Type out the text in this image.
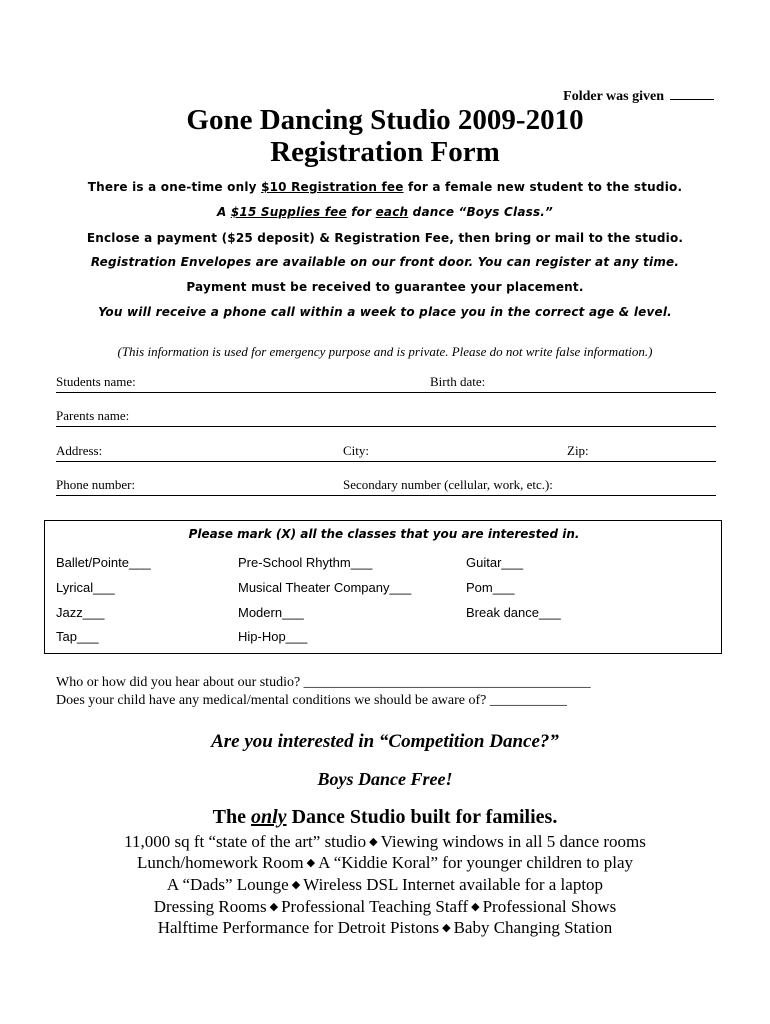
Folder was given
Gone Dancing Studio 2009-2010
Registration Form
There is a one-time only $10 Registration fee for a female new student to the studio.
A $15 Supplies fee for each dance “Boys Class.”
Enclose a payment ($25 deposit) & Registration Fee, then bring or mail to the studio.
Registration Envelopes are available on our front door. You can register at any time.
Payment must be received to guarantee your placement.
You will receive a phone call within a week to place you in the correct age & level.
(This information is used for emergency purpose and is private. Please do not write false information.)
Students name:	Birth date:
Parents name:
Address:	City:	Zip:
Phone number:	Secondary number (cellular, work, etc.):
Please mark (X) all the classes that you are interested in.
Ballet/Pointe___	Pre-School Rhythm___	Guitar___
Lyrical___	Musical Theater Company___	Pom___
Jazz___	Modern___	Break dance___
Tap___	Hip-Hop___
Who or how did you hear about our studio? _________________________________________
Does your child have any medical/mental conditions we should be aware of? ___________
Are you interested in “Competition Dance?”
Boys Dance Free!
The only Dance Studio built for families.
11,000 sq ft “state of the art” studio ◆ Viewing windows in all 5 dance rooms
Lunch/homework Room ◆ A “Kiddie Koral” for younger children to play
A “Dads” Lounge ◆ Wireless DSL Internet available for a laptop
Dressing Rooms ◆ Professional Teaching Staff ◆ Professional Shows
Halftime Performance for Detroit Pistons ◆ Baby Changing Station
